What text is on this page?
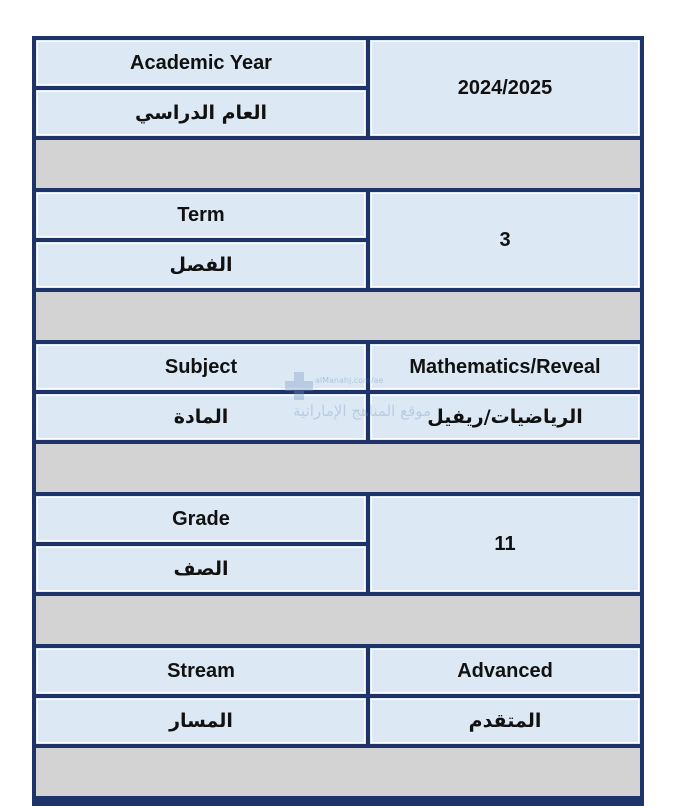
Academic Year
العام الدراسي
2024/2025
Term
الفصل
3
Subject
المادة
Mathematics/Reveal
الرياضيات/ريفيل
Grade
الصف
11
Stream
المسار
Advanced
المتقدم
alManahj.com/ae
موقع المناهج الإماراتية
